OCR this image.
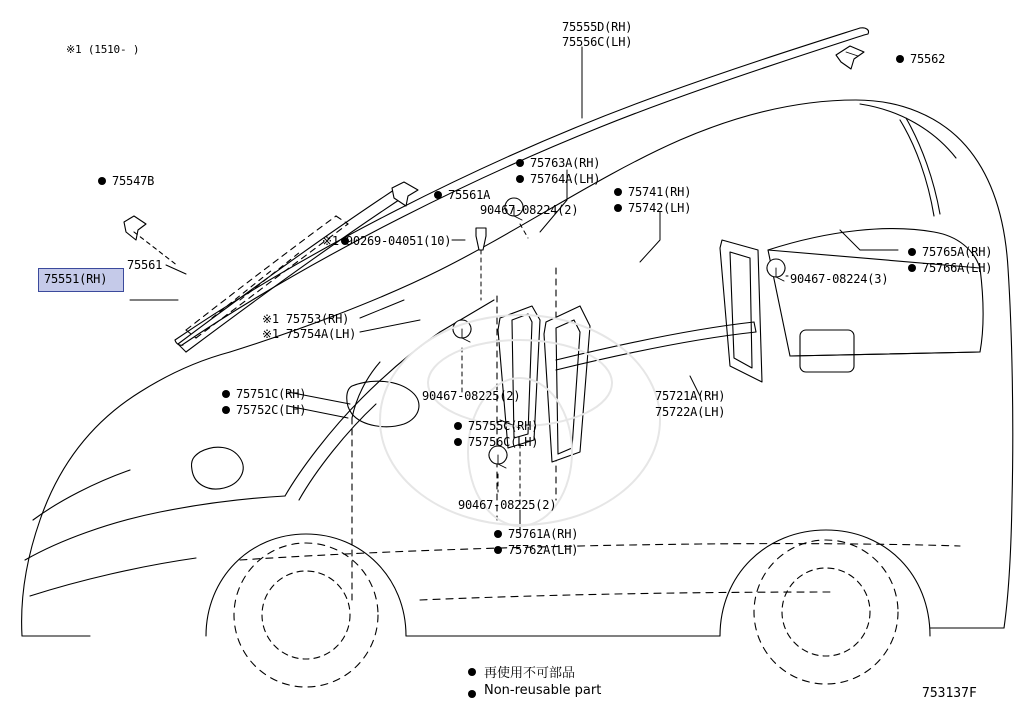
※1 (1510- )
再使用不可部品
Non-reusable part	753137F
75555D(RH)
75556C(LH)
75562
75547B
75561A
75763A(RH)
75764A(LH)
90467-08224(2)
75741(RH)
75742(LH)
75765A(RH)
75766A(LH)
90467-08224(3)
※1 90269-04051(10)
75561
75551(RH)
※1 75753(RH)
※1 75754A(LH)
75751C(RH)
75752C(LH)
90467-08225(2)
75755C(RH)
75756C(LH)
75721A(RH)
75722A(LH)
90467-08225(2)
75761A(RH)
75762A(LH)
